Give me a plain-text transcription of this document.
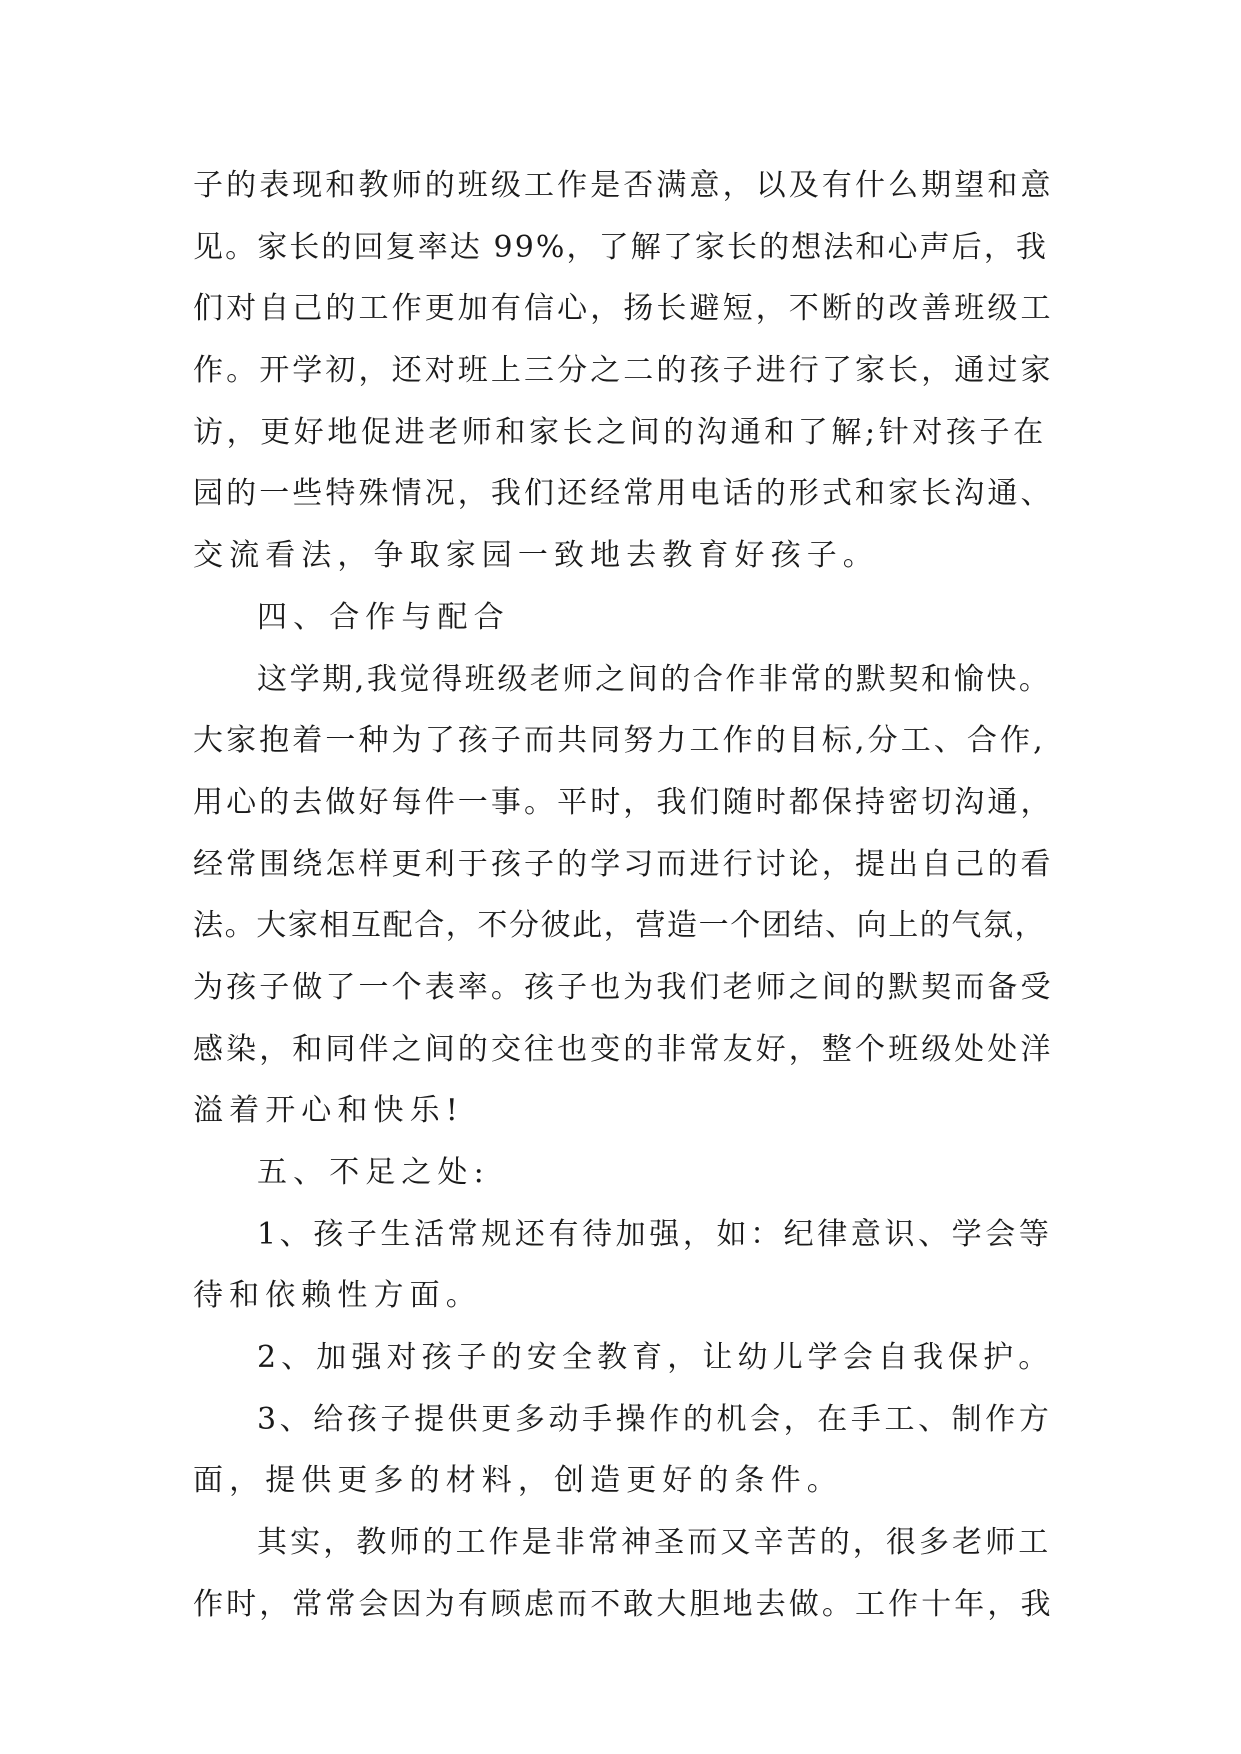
子的表现和教师的班级工作是否满意，以及有什么期望和意
见。家长的回复率达 99%，了解了家长的想法和心声后，我
们对自己的工作更加有信心，扬长避短，不断的改善班级工
作。开学初，还对班上三分之二的孩子进行了家长，通过家
访，更好地促进老师和家长之间的沟通和了解;针对孩子在
园的一些特殊情况，我们还经常用电话的形式和家长沟通、
交流看法，争取家园一致地去教育好孩子。
四、合作与配合
这学期,我觉得班级老师之间的合作非常的默契和愉快。
大家抱着一种为了孩子而共同努力工作的目标,分工、合作,
用心的去做好每件一事。平时，我们随时都保持密切沟通，
经常围绕怎样更利于孩子的学习而进行讨论，提出自己的看
法。大家相互配合，不分彼此，营造一个团结、向上的气氛，
为孩子做了一个表率。孩子也为我们老师之间的默契而备受
感染，和同伴之间的交往也变的非常友好，整个班级处处洋
溢着开心和快乐!
五、不足之处:
1、孩子生活常规还有待加强，如：纪律意识、学会等
待和依赖性方面。
2、加强对孩子的安全教育，让幼儿学会自我保护。
3、给孩子提供更多动手操作的机会，在手工、制作方
面，提供更多的材料，创造更好的条件。
其实，教师的工作是非常神圣而又辛苦的，很多老师工
作时，常常会因为有顾虑而不敢大胆地去做。工作十年，我
